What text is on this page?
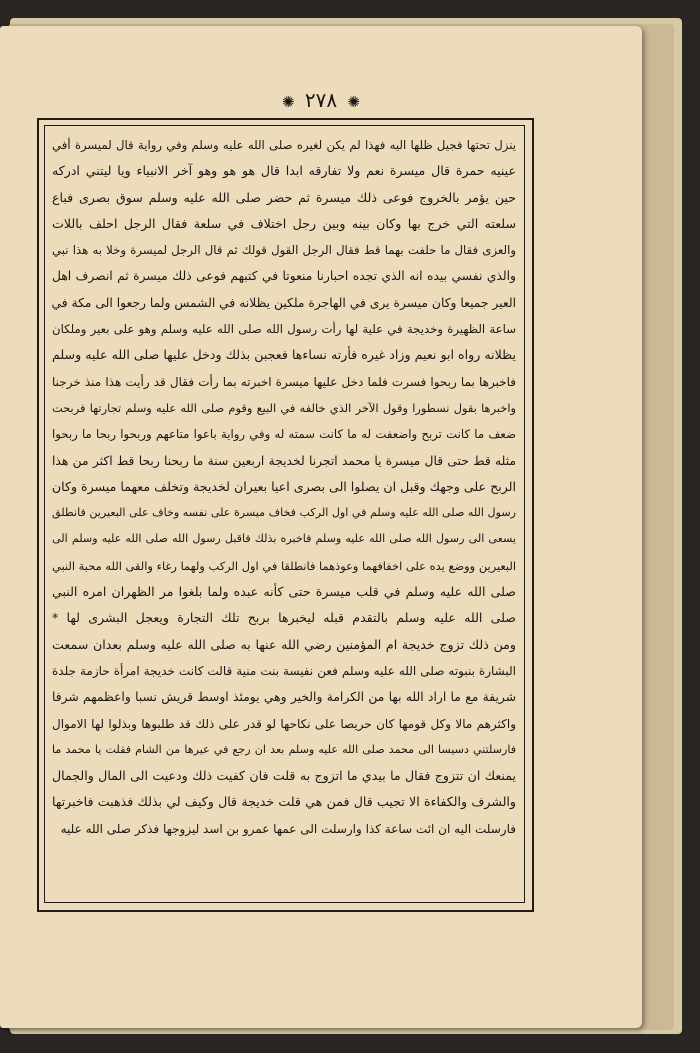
✺ ٢٧٨ ✺
ينزل تحتها فجيل ظلها اليه فهذا لم يكن لغيره صلى الله عليه وسلم وفي رواية قال لميسرة أفي
عينيه حمرة قال ميسرة نعم ولا تفارقه ابدا قال هو هو وهو آخر الانبياء ويا ليتني ادركه
حين يؤمر بالخروج فوعى ذلك ميسرة ثم حضر صلى الله عليه وسلم سوق بصرى فباع
سلعته التي خرج بها وكان بينه وبين رجل اختلاف في سلعة فقال الرجل احلف باللات
والعزى فقال ما حلفت بهما قط فقال الرجل القول قولك ثم قال الرجل لميسرة وخلا به هذا نبي
والذي نفسي بيده انه الذي تجده احبارنا منعوتا في كتبهم فوعى ذلك ميسرة ثم انصرف اهل
العير جميعا وكان ميسرة يرى في الهاجرة ملكين يظلانه في الشمس ولما رجعوا الى مكة في
ساعة الظهيرة وخديجة في علية لها رأت رسول الله صلى الله عليه وسلم وهو على بعير وملكان
يظلانه رواه ابو نعيم وزاد غيره فأرته نساءها فعجبن بذلك ودخل عليها صلى الله عليه وسلم
فاخبرها بما ربحوا فسرت فلما دخل عليها ميسرة اخبرته بما رأت فقال قد رأيت هذا منذ خرجنا
واخبرها بقول نسطورا وقول الآخر الذي خالفه في البيع وقوم صلى الله عليه وسلم تجارتها فربحت
ضعف ما كانت تربح واضعفت له ما كانت سمته له وفي رواية باعوا متاعهم وربحوا ربحا ما ربحوا
مثله قط حتى قال ميسرة يا محمد اتجرنا لخديجة اربعين سنة ما ربحنا ربحا قط اكثر من هذا
الربح على وجهك وقبل ان يصلوا الى بصرى اعيا بعيران لخديجة وتخلف معهما ميسرة وكان
رسول الله صلى الله عليه وسلم في اول الركب فخاف ميسرة على نفسه وخاف على البعيرين فانطلق
يسعى الى رسول الله صلى الله عليه وسلم فاخبره بذلك فاقبل رسول الله صلى الله عليه وسلم الى
البعيرين ووضع يده على اخفافهما وعوذهما فانطلقا في اول الركب ولهما رغاء والقى الله محبة النبي
صلى الله عليه وسلم في قلب ميسرة حتى كأنه عبده ولما بلغوا مر الظهران امره النبي
صلى الله عليه وسلم بالتقدم قبله ليخبرها بربح تلك التجارة ويعجل البشرى لها *
ومن ذلك تزوج خديجة ام المؤمنين رضي الله عنها به صلى الله عليه وسلم بعدان سمعت
البشارة بنبوته صلى الله عليه وسلم فعن نفيسة بنت منية قالت كانت خديجة امرأة حازمة جلدة
شريفة مع ما اراد الله بها من الكرامة والخير وهي يومئذ اوسط قريش نسبا واعظمهم شرفا
واكثرهم مالا وكل قومها كان حريصا على نكاحها لو قدر على ذلك قد طلبوها وبذلوا لها الاموال
فارسلتني دسيسا الى محمد صلى الله عليه وسلم بعد ان رجع في عيرها من الشام فقلت يا محمد ما
يمنعك ان تتزوج فقال ما بيدي ما اتزوج به قلت فان كفيت ذلك ودعيت الى المال والجمال
والشرف والكفاءة الا تجيب قال فمن هي قلت خديجة قال وكيف لي بذلك فذهبت فاخبرتها
فارسلت اليه ان ائت ساعة كذا وارسلت الى عمها عمرو بن اسد ليزوجها فذكر صلى الله عليه
